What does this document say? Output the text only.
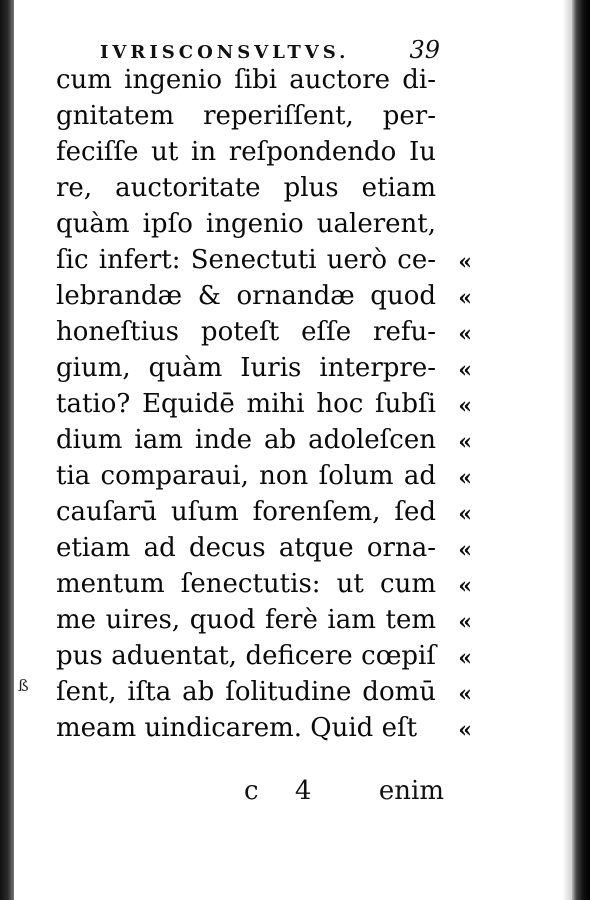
IVRISCONSVLTVS.	39
cum ingenio ſibi auctore di-
gnitatem reperiſſent, per-
feciſſe ut in reſpondendo Iu
re, auctoritate plus etiam
quàm ipſo ingenio ualerent,
ſic infert: Senectuti uerò ce- «
lebrandæ & ornandæ quod «
honeſtius poteſt eſſe refu- «
gium, quàm Iuris interpre- «
tatio? Equidē mihi hoc ſubſi «
dium iam inde ab adoleſcen «
tia comparaui, non ſolum ad «
cauſarū uſum forenſem, ſed «
etiam ad decus atque orna- «
mentum ſenectutis: ut cum «
me uires, quod ferè iam tem «
pus aduentat, deficere cœpiſ «
ſent, iſta ab ſolitudine domū «
meam uindicarem. Quid eſt	«
ß
c 4 enim
